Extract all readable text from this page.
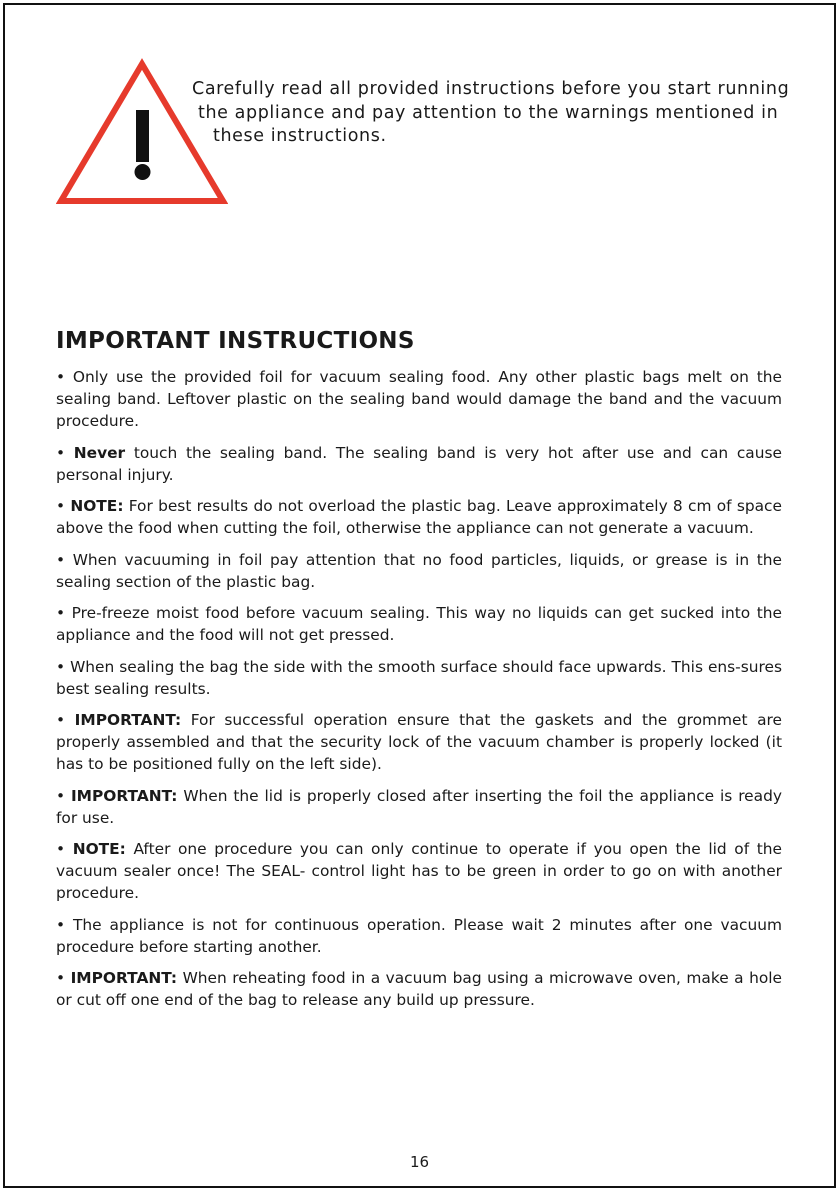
Carefully read all provided instructions before you start running
the appliance and pay attention to the warnings mentioned in
these instructions.
IMPORTANT INSTRUCTIONS

• Only use the provided foil for vacuum sealing food. Any other plastic bags melt on the sealing band. Leftover plastic on the sealing band would damage the band and the vacuum procedure.

• Never touch the sealing band. The sealing band is very hot after use and can cause personal injury.

• NOTE: For best results do not overload the plastic bag. Leave approximately 8 cm of space above the food when cutting the foil, otherwise the appliance can not generate a vacuum.

• When vacuuming in foil pay attention that no food particles, liquids, or grease is in the sealing section of the plastic bag.

• Pre-freeze moist food before vacuum sealing. This way no liquids can get sucked into the appliance and the food will not get pressed.

• When sealing the bag the side with the smooth surface should face upwards. This ens-sures best sealing results.

• IMPORTANT: For successful operation ensure that the gaskets and the grommet are properly assembled and that the security lock of the vacuum chamber is properly locked (it has to be positioned fully on the left side).

• IMPORTANT: When the lid is properly closed after inserting the foil the appliance is ready for use.

• NOTE: After one procedure you can only continue to operate if you open the lid of the vacuum sealer once! The SEAL- control light has to be green in order to go on with another procedure.

• The appliance is not for continuous operation. Please wait 2 minutes after one vacuum procedure before starting another.

• IMPORTANT: When reheating food in a vacuum bag using a microwave oven, make a hole or cut off one end of the bag to release any build up pressure.

16
